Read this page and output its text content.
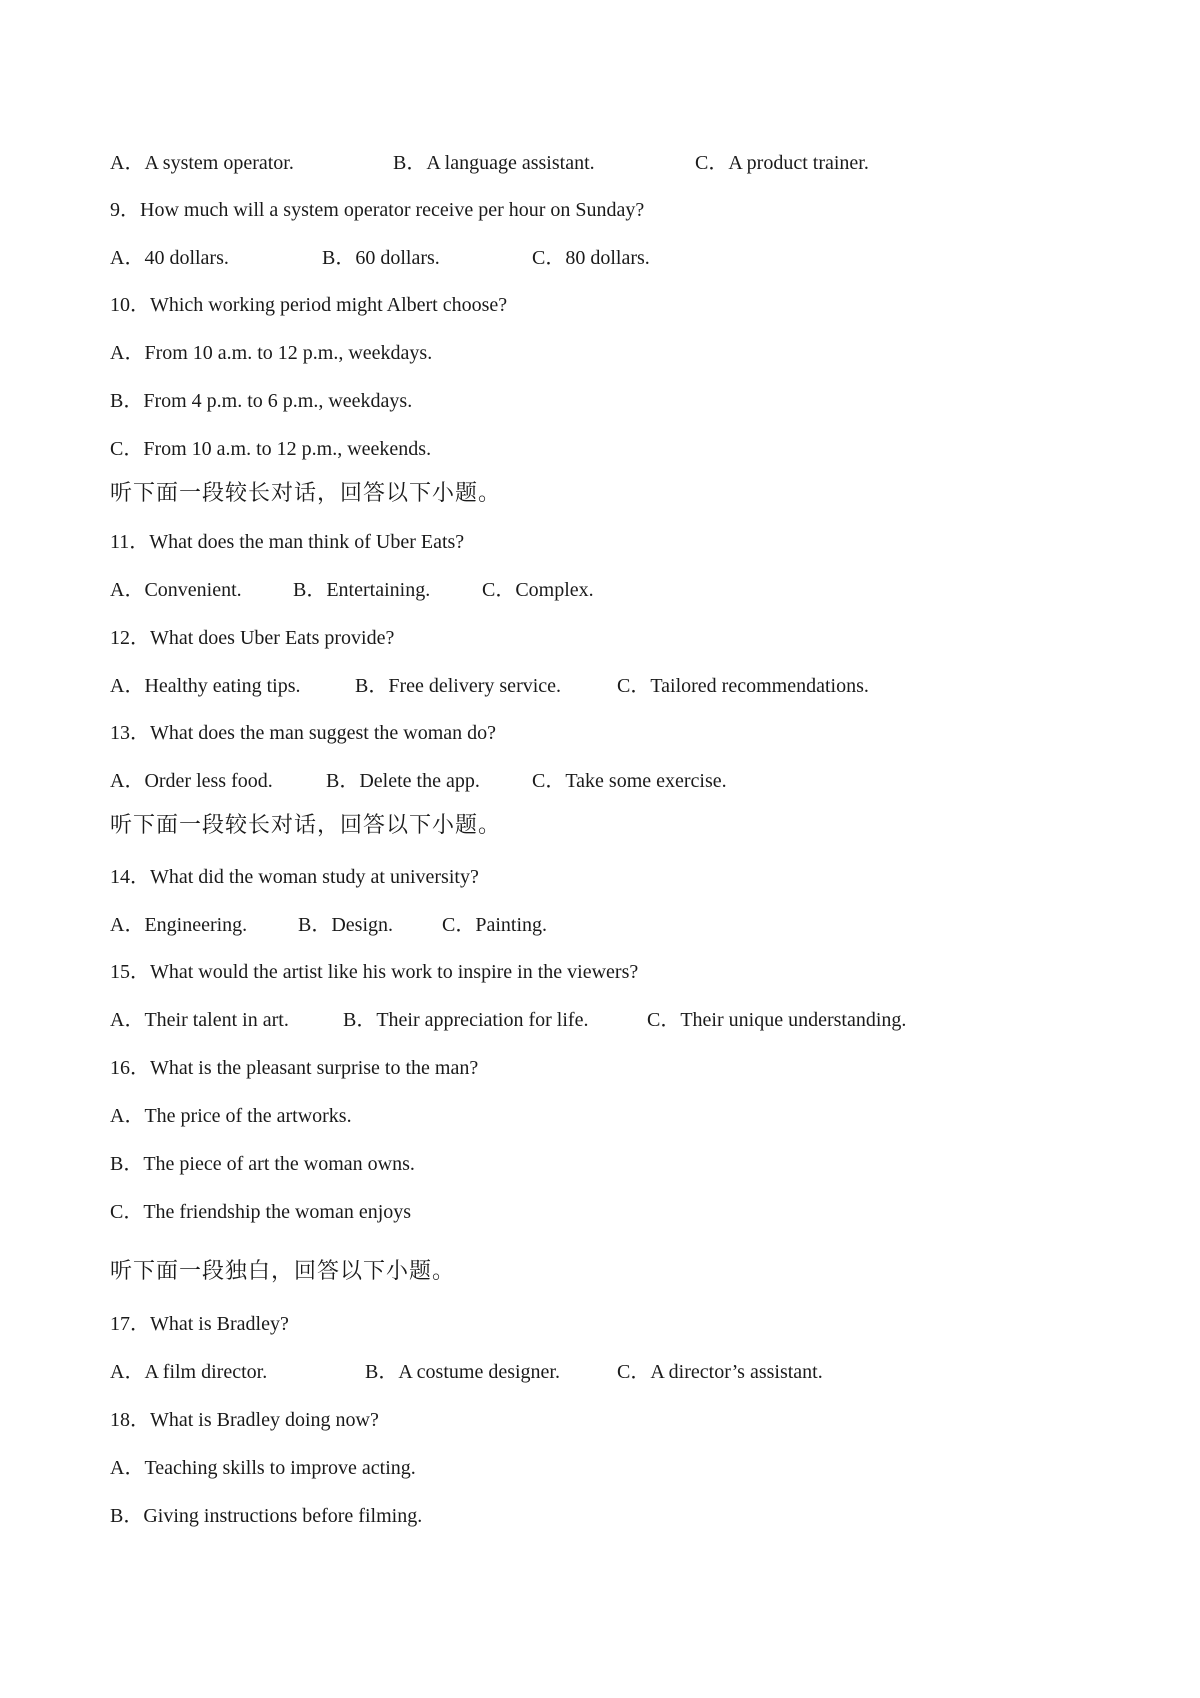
A．A system operator.	B．A language assistant.	C．A product trainer.
9．How much will a system operator receive per hour on Sunday?
A．40 dollars.	B．60 dollars.	C．80 dollars.
10．Which working period might Albert choose?
A．From 10 a.m. to 12 p.m., weekdays.
B．From 4 p.m. to 6 p.m., weekdays.
C．From 10 a.m. to 12 p.m., weekends.
听下面一段较长对话，回答以下小题。
11．What does the man think of Uber Eats?
A．Convenient.	B．Entertaining.	C．Complex.
12．What does Uber Eats provide?
A．Healthy eating tips.	B．Free delivery service.	C．Tailored recommendations.
13．What does the man suggest the woman do?
A．Order less food.	B．Delete the app.	C．Take some exercise.
听下面一段较长对话，回答以下小题。
14．What did the woman study at university?
A．Engineering.	B．Design. C．Painting.
15．What would the artist like his work to inspire in the viewers?
A．Their talent in art.	B．Their appreciation for life.	C．Their unique understanding.
16．What is the pleasant surprise to the man?
A．The price of the artworks.
B．The piece of art the woman owns.
C．The friendship the woman enjoys
听下面一段独白，回答以下小题。
17．What is Bradley?
A．A film director.	B．A costume designer.	C．A director’s assistant.
18．What is Bradley doing now?
A．Teaching skills to improve acting.
B．Giving instructions before filming.
